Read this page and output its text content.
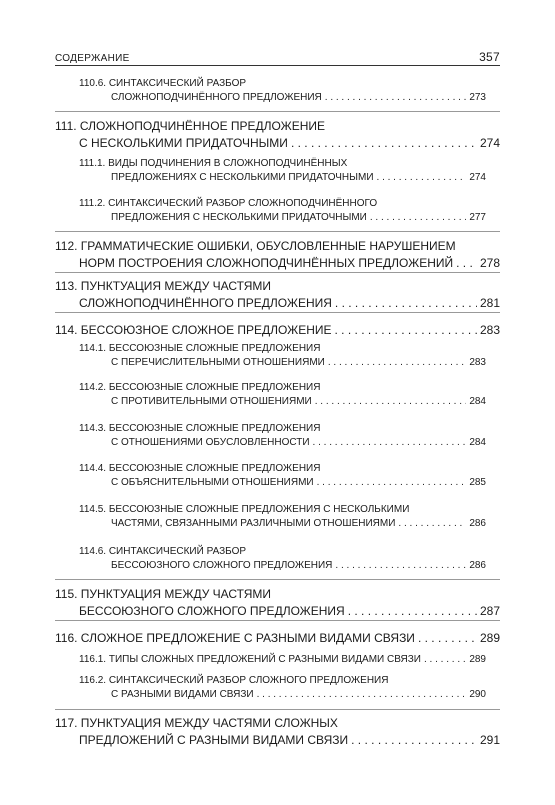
СОДЕРЖАНИЕ	357
110.6. СИНТАКСИЧЕСКИЙ РАЗБОР
СЛОЖНОПОДЧИНЁННОГО ПРЕДЛОЖЕНИЯ . . .	273
111. СЛОЖНОПОДЧИНЁННОЕ ПРЕДЛОЖЕНИЕ
С НЕСКОЛЬКИМИ ПРИДАТОЧНЫМИ . . .	274
111.1. ВИДЫ ПОДЧИНЕНИЯ В СЛОЖНОПОДЧИНЁННЫХ
ПРЕДЛОЖЕНИЯХ С НЕСКОЛЬКИМИ ПРИДАТОЧНЫМИ . . .	274
111.2. СИНТАКСИЧЕСКИЙ РАЗБОР СЛОЖНОПОДЧИНЁННОГО
ПРЕДЛОЖЕНИЯ С НЕСКОЛЬКИМИ ПРИДАТОЧНЫМИ . . .	277
112. ГРАММАТИЧЕСКИЕ ОШИБКИ, ОБУСЛОВЛЕННЫЕ НАРУШЕНИЕМ
НОРМ ПОСТРОЕНИЯ СЛОЖНОПОДЧИНЁННЫХ ПРЕДЛОЖЕНИЙ . . . 278
113. ПУНКТУАЦИЯ МЕЖДУ ЧАСТЯМИ
СЛОЖНОПОДЧИНЁННОГО ПРЕДЛОЖЕНИЯ . . .	281
114. БЕССОЮЗНОЕ СЛОЖНОЕ ПРЕДЛОЖЕНИЕ . . .	283
114.1. БЕССОЮЗНЫЕ СЛОЖНЫЕ ПРЕДЛОЖЕНИЯ
С ПЕРЕЧИСЛИТЕЛЬНЫМИ ОТНОШЕНИЯМИ . . .	283
114.2. БЕССОЮЗНЫЕ СЛОЖНЫЕ ПРЕДЛОЖЕНИЯ
С ПРОТИВИТЕЛЬНЫМИ ОТНОШЕНИЯМИ . . .	284
114.3. БЕССОЮЗНЫЕ СЛОЖНЫЕ ПРЕДЛОЖЕНИЯ
С ОТНОШЕНИЯМИ ОБУСЛОВЛЕННОСТИ . . .	284
114.4. БЕССОЮЗНЫЕ СЛОЖНЫЕ ПРЕДЛОЖЕНИЯ
С ОБЪЯСНИТЕЛЬНЫМИ ОТНОШЕНИЯМИ . . .	285
114.5. БЕССОЮЗНЫЕ СЛОЖНЫЕ ПРЕДЛОЖЕНИЯ С НЕСКОЛЬКИМИ
ЧАСТЯМИ, СВЯЗАННЫМИ РАЗЛИЧНЫМИ ОТНОШЕНИЯМИ . . .	286
114.6. СИНТАКСИЧЕСКИЙ РАЗБОР
БЕССОЮЗНОГО СЛОЖНОГО ПРЕДЛОЖЕНИЯ . . .	286
115. ПУНКТУАЦИЯ МЕЖДУ ЧАСТЯМИ
БЕССОЮЗНОГО СЛОЖНОГО ПРЕДЛОЖЕНИЯ . . .	287
116. СЛОЖНОЕ ПРЕДЛОЖЕНИЕ С РАЗНЫМИ ВИДАМИ СВЯЗИ . . .	289
116.1. ТИПЫ СЛОЖНЫХ ПРЕДЛОЖЕНИЙ С РАЗНЫМИ ВИДАМИ СВЯЗИ . . .	289
116.2. СИНТАКСИЧЕСКИЙ РАЗБОР СЛОЖНОГО ПРЕДЛОЖЕНИЯ
С РАЗНЫМИ ВИДАМИ СВЯЗИ . . .	290
117. ПУНКТУАЦИЯ МЕЖДУ ЧАСТЯМИ СЛОЖНЫХ
ПРЕДЛОЖЕНИЙ С РАЗНЫМИ ВИДАМИ СВЯЗИ . . .	291
